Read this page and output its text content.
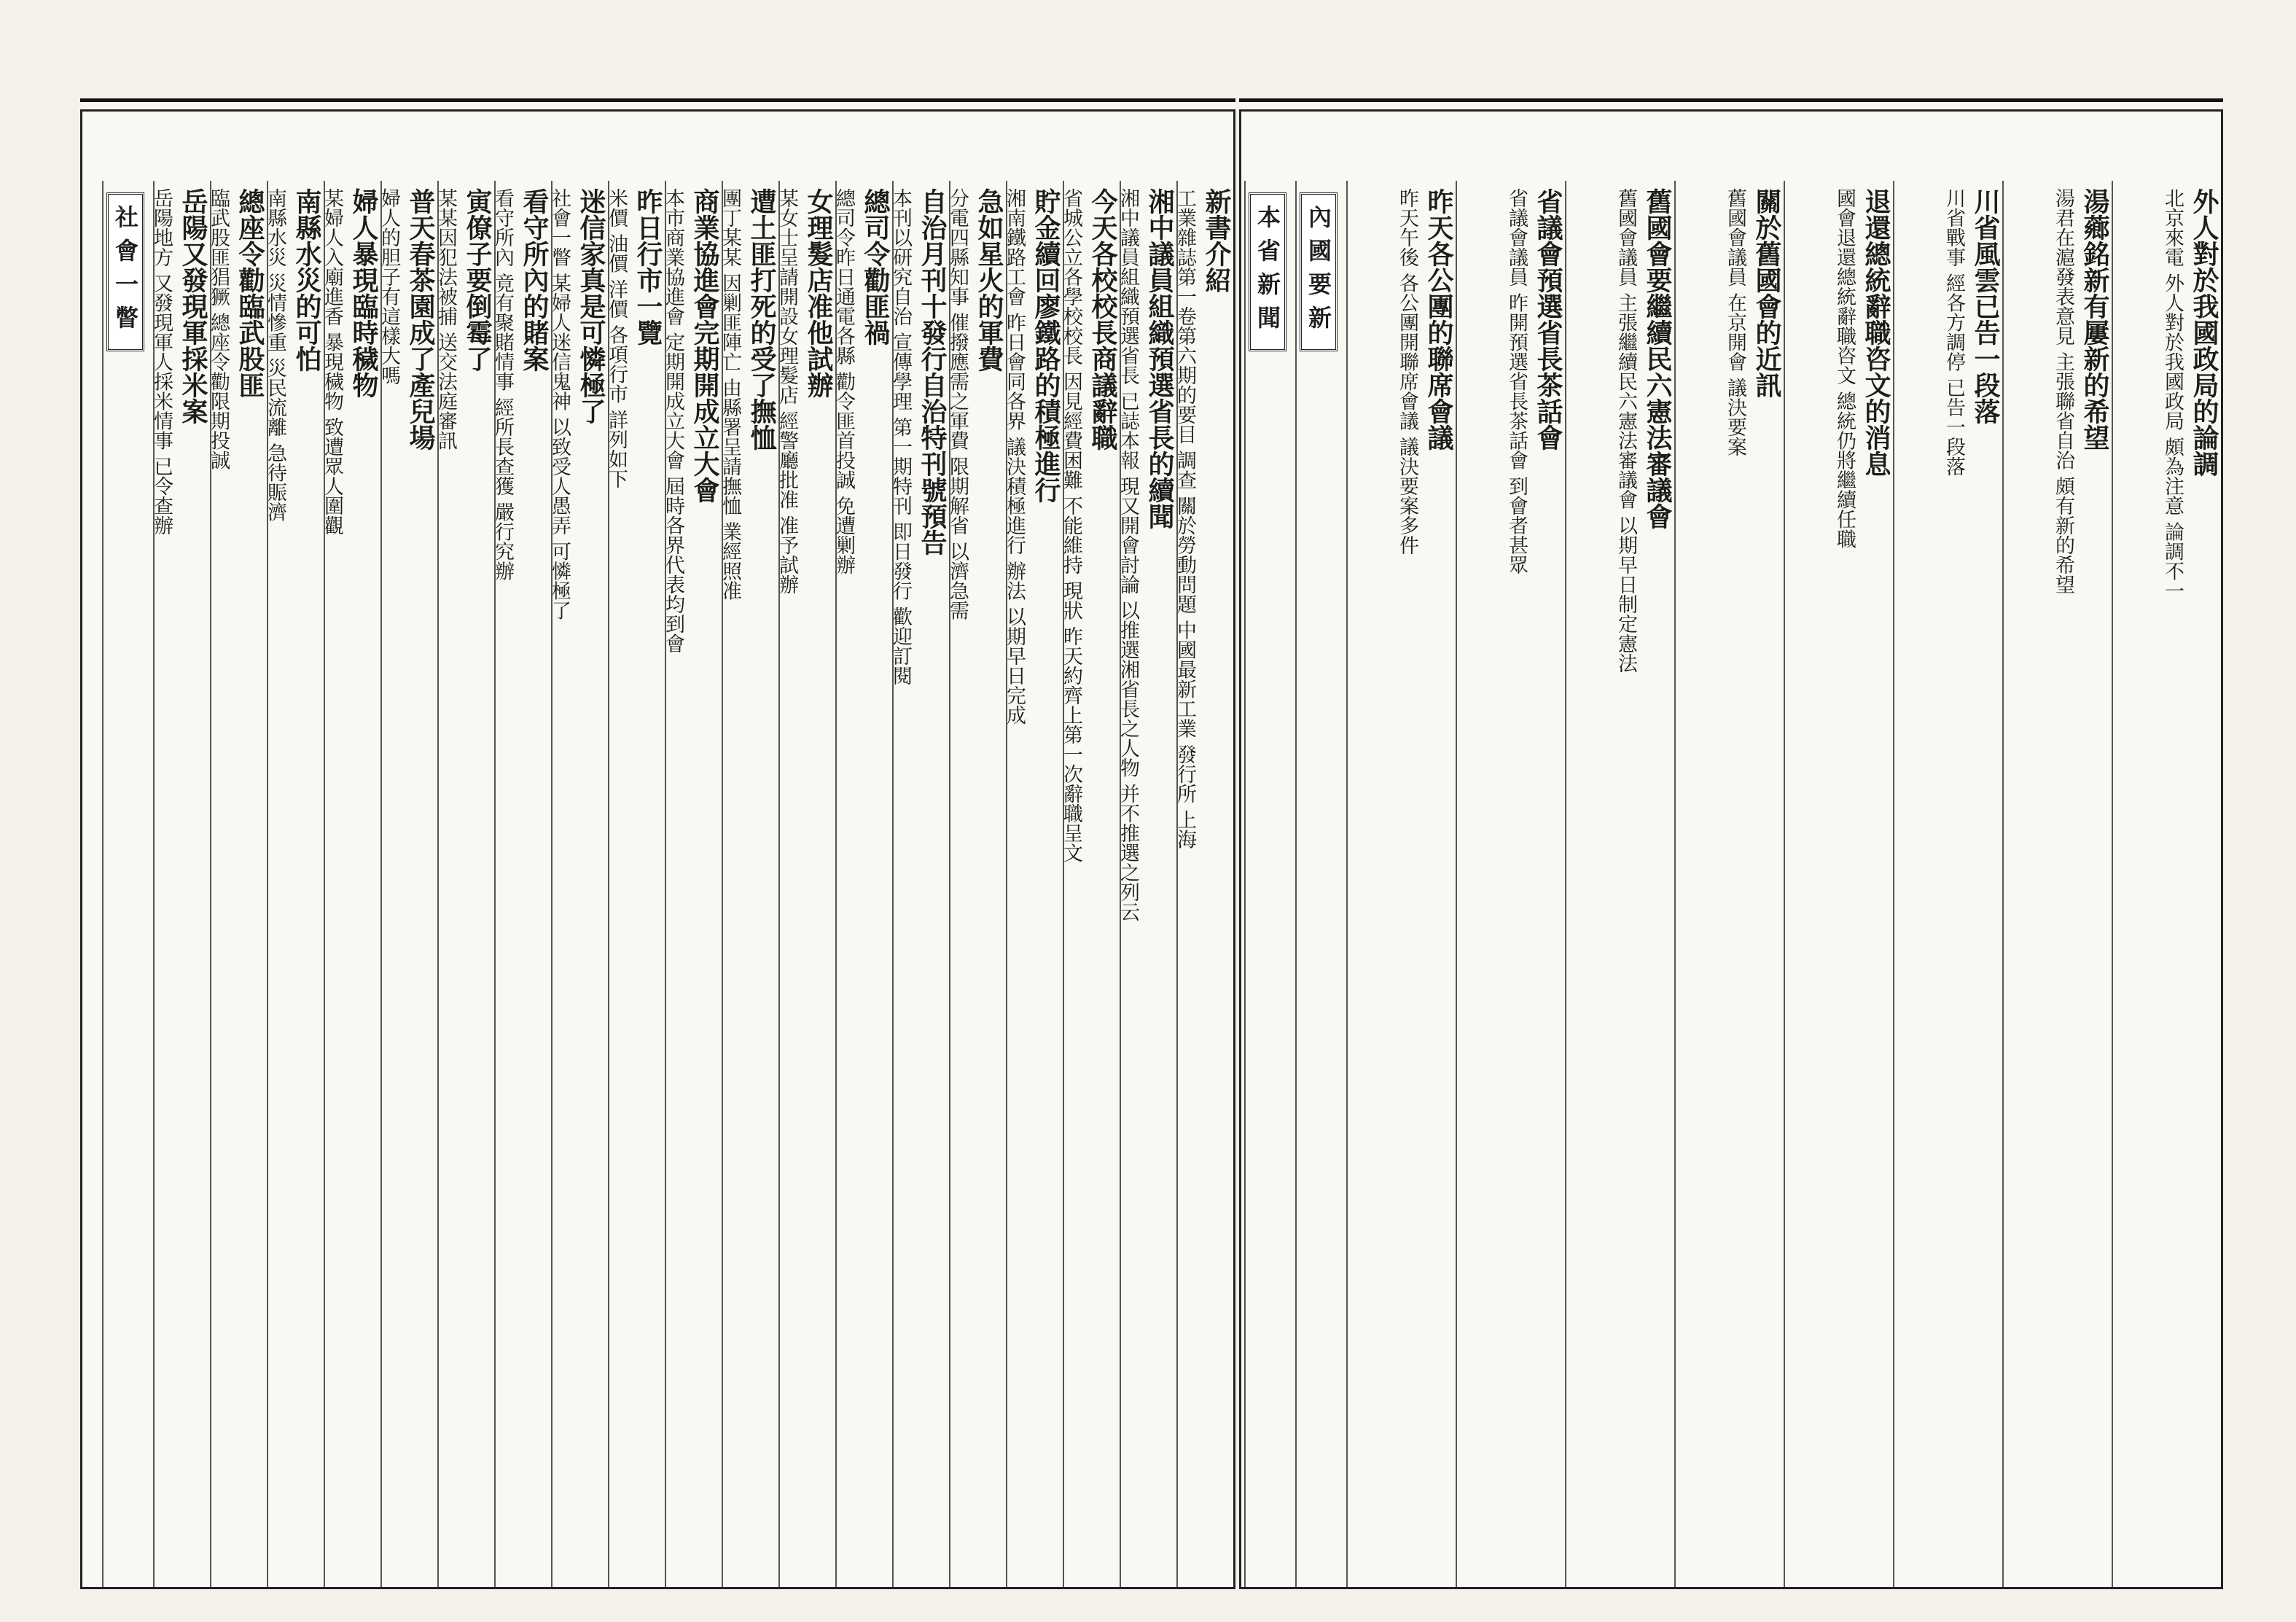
新書介紹

工業雜誌第一卷第六期的要目 調查 關於勞動問題 中國最新工業 發行所 上海

湘中議員組織預選省長的續聞

湘中議員組織預選省長 已誌本報 現又開會討論 以推選湘省長之人物 并不推選之列云

今天各校校長商議辭職

省城公立各學校校長 因見經費困難 不能維持 現狀 昨天約齊上第一次辭職呈文

貯金續回廖鐵路的積極進行

湘南鐵路工會 昨日會同各界 議決積極進行 辦法 以期早日完成

急如星火的軍費

分電四縣知事 催撥應需之軍費 限期解省 以濟急需

自治月刊十發行自治特刊號預告

本刊以研究自治 宣傳學理 第一期特刊 即日發行 歡迎訂閱

總司令勸匪禍

總司令昨日通電各縣 勸令匪首投誠 免遭剿辦

女理髮店准他試辦

某女士呈請開設女理髮店 經警廳批准 准予試辦

遭土匪打死的受了撫恤

團丁某某 因剿匪陣亡 由縣署呈請撫恤 業經照准

商業協進會完期開成立大會

本市商業協進會 定期開成立大會 屆時各界代表均到會

昨日行市一覽

米價 油價 洋價 各項行市 詳列如下

迷信家真是可憐極了

社會一瞥 某婦人迷信鬼神 以致受人愚弄 可憐極了

看守所內的賭案

看守所內 竟有聚賭情事 經所長查獲 嚴行究辦

寅僚子要倒霉了

某某因犯法被捕 送交法庭審訊

普天春茶園成了產兒場

婦人的胆子有這樣大嗎

婦人暴現臨時穢物

某婦人入廟進香 暴現穢物 致遭眾人圍觀

南縣水災的可怕

南縣水災 災情慘重 災民流離 急待賑濟

總座令勸臨武股匪

臨武股匪猖獗 總座令勸限期投誠

岳陽又發現軍採米案

岳陽地方 又發現軍人採米情事 已令查辦

社會一瞥	外人對於我國政局的論調

北京來電 外人對於我國政局 頗為注意 論調不一

湯薌銘新有屢新的希望

湯君在滬發表意見 主張聯省自治 頗有新的希望

川省風雲已告一段落

川省戰事 經各方調停 已告一段落

退還總統辭職咨文的消息

國會退還總統辭職咨文 總統仍將繼續任職

關於舊國會的近訊

舊國會議員 在京開會 議決要案

舊國會要繼續民六憲法審議會

舊國會議員 主張繼續民六憲法審議會 以期早日制定憲法

省議會預選省長茶話會

省議會議員 昨開預選省長茶話會 到會者甚眾

昨天各公團的聯席會議

昨天午後 各公團開聯席會議 議決要案多件

內國要新
本省新聞
